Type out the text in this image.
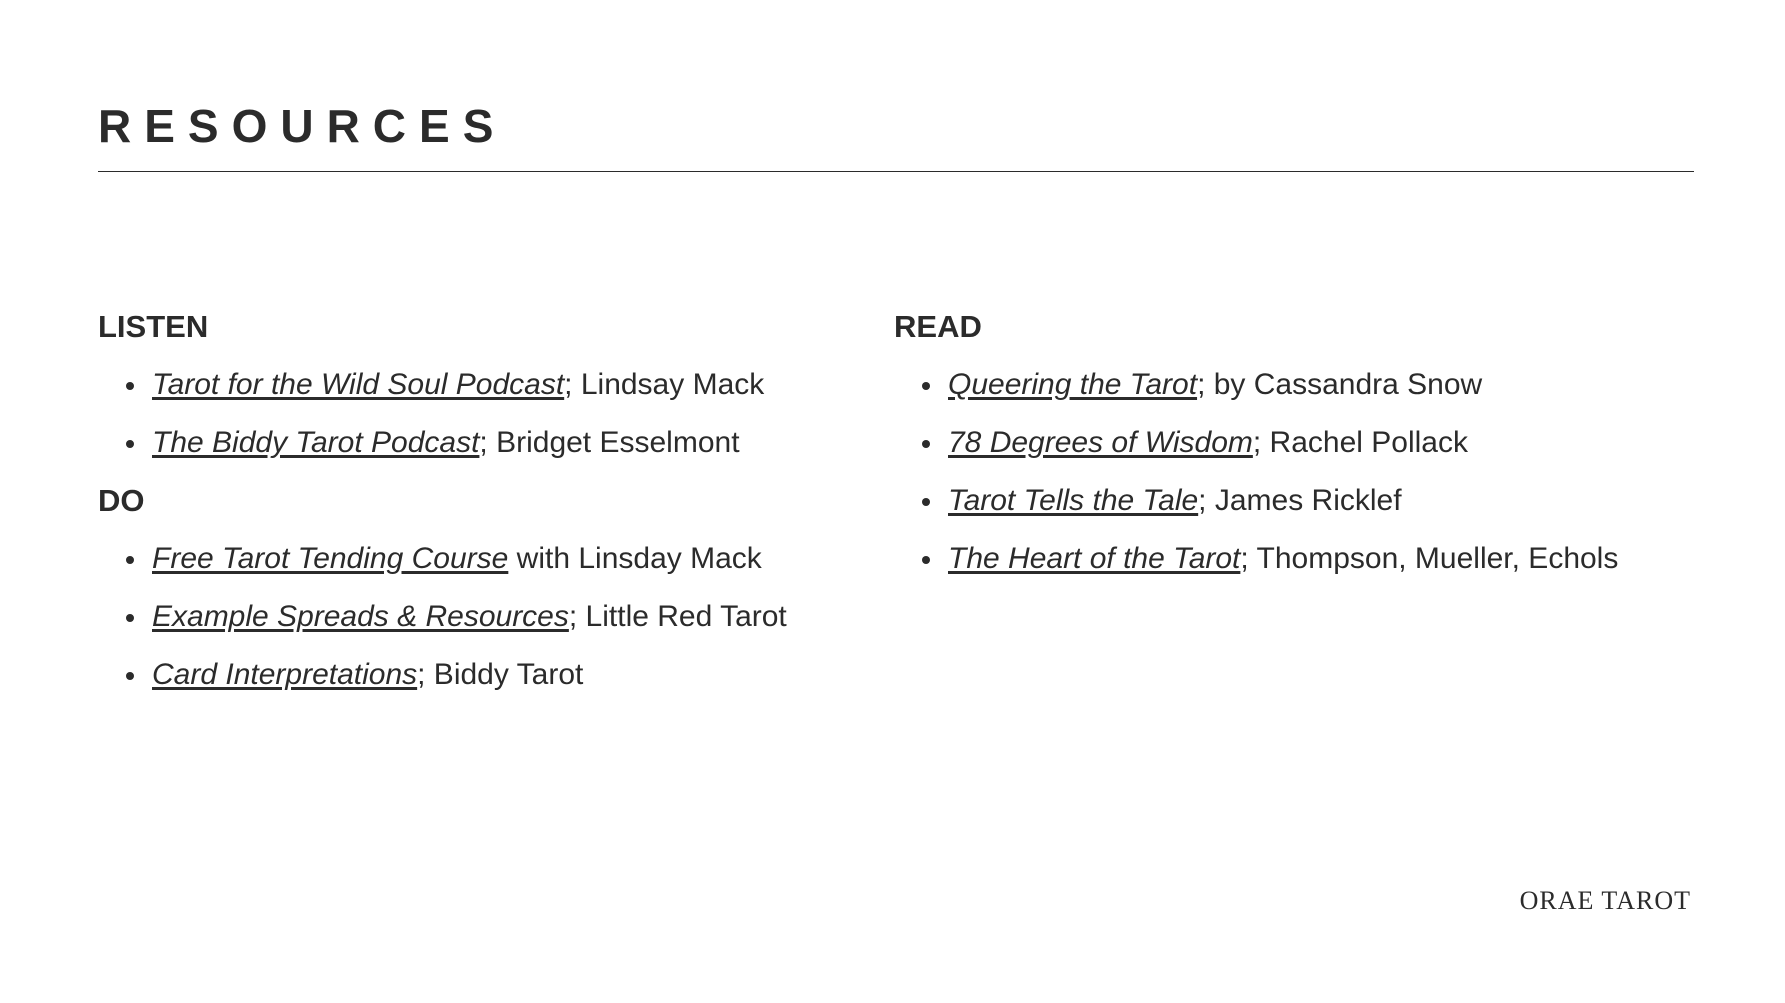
RESOURCES
LISTEN
Tarot for the Wild Soul Podcast; Lindsay Mack
The Biddy Tarot Podcast; Bridget Esselmont
DO
Free Tarot Tending Course with Linsday Mack
Example Spreads & Resources; Little Red Tarot
Card Interpretations; Biddy Tarot
READ
Queering the Tarot; by Cassandra Snow
78 Degrees of Wisdom; Rachel Pollack
Tarot Tells the Tale; James Ricklef
The Heart of the Tarot; Thompson, Mueller, Echols
ORAE TAROT
